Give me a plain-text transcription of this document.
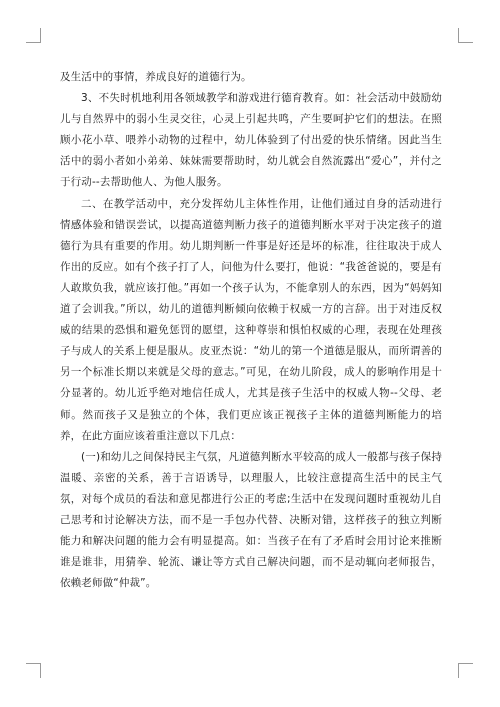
及生活中的事情，养成良好的道德行为。

3、不失时机地利用各领域教学和游戏进行德育教育。如：社会活动中鼓励幼儿与自然界中的弱小生灵交往，心灵上引起共鸣，产生要呵护它们的想法。在照顾小花小草、喂养小动物的过程中，幼儿体验到了付出爱的快乐情绪。因此当生活中的弱小者如小弟弟、妹妹需要帮助时，幼儿就会自然流露出“爱心”，并付之于行动--去帮助他人、为他人服务。

二、在教学活动中，充分发挥幼儿主体性作用，让他们通过自身的活动进行情感体验和错误尝试，以提高道德判断力孩子的道德判断水平对于决定孩子的道德行为具有重要的作用。幼儿期判断一件事是好还是坏的标准，往往取决于成人作出的反应。如有个孩子打了人，问他为什么要打，他说：“我爸爸说的，要是有人敢欺负我，就应该打他。”再如一个孩子认为，不能拿别人的东西，因为“妈妈知道了会训我。”所以，幼儿的道德判断倾向依赖于权威一方的言辞。出于对违反权威的结果的恐惧和避免惩罚的愿望，这种尊崇和惧怕权威的心理，表现在处理孩子与成人的关系上便是服从。皮亚杰说：“幼儿的第一个道德是服从，而所谓善的另一个标准长期以来就是父母的意志。”可见，在幼儿阶段，成人的影响作用是十分显著的。幼儿近乎绝对地信任成人，尤其是孩子生活中的权威人物--父母、老师。然而孩子又是独立的个体，我们更应该正视孩子主体的道德判断能力的培养，在此方面应该着重注意以下几点：

(一)和幼儿之间保持民主气氛，凡道德判断水平较高的成人一般都与孩子保持温暖、亲密的关系，善于言语诱导，以理服人，比较注意提高生活中的民主气氛，对每个成员的看法和意见都进行公正的考虑;生活中在发现问题时重视幼儿自己思考和讨论解决方法，而不是一手包办代替、决断对错，这样孩子的独立判断能力和解决问题的能力会有明显提高。如：当孩子在有了矛盾时会用讨论来推断谁是谁非，用猜拳、轮流、谦让等方式自己解决问题，而不是动辄向老师报告，依赖老师做“仲裁”。
